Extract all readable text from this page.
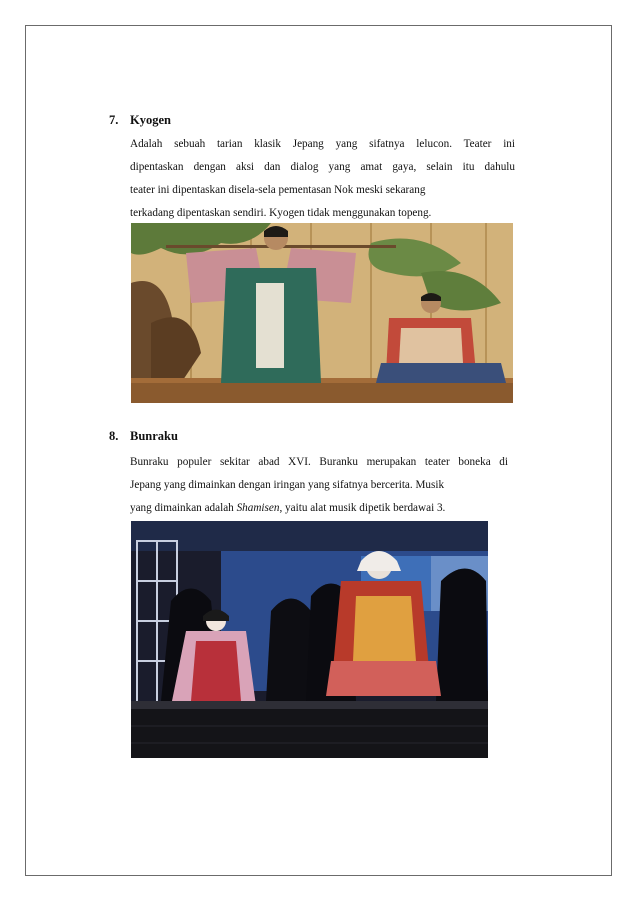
7. Kyogen
Adalah sebuah tarian klasik Jepang yang sifatnya lelucon. Teater ini
dipentaskan dengan aksi dan dialog yang amat gaya, selain itu dahulu
teater ini dipentaskan disela-sela pementasan Nok meski sekarang
terkadang dipentaskan sendiri. Kyogen tidak menggunakan topeng.
8. Bunraku
Bunraku populer sekitar abad XVI. Buranku merupakan teater boneka di
Jepang yang dimainkan dengan iringan yang sifatnya bercerita. Musik
yang dimainkan adalah Shamisen, yaitu alat musik dipetik berdawai 3.
